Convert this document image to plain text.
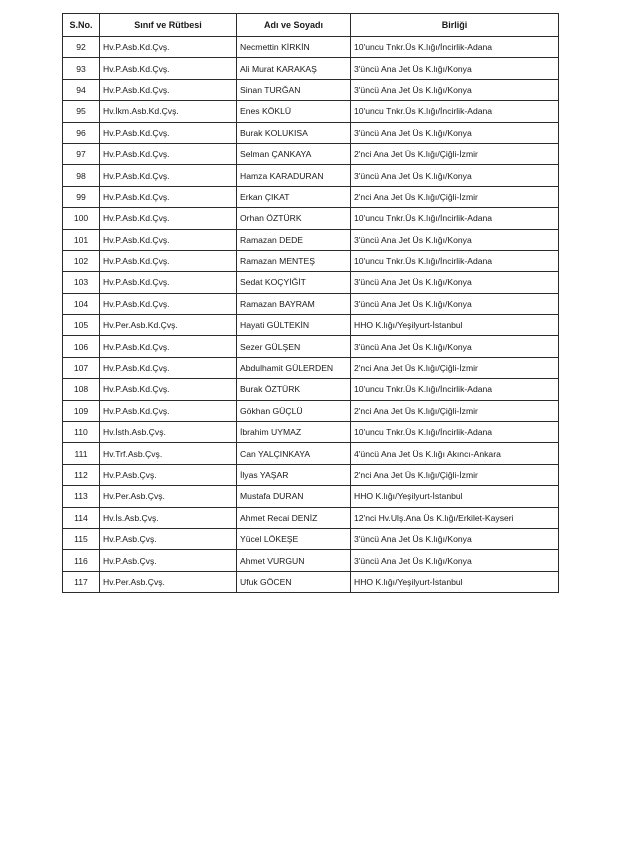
S.No.	Sınıf ve Rütbesi	Adı ve Soyadı	Birliği
92	Hv.P.Asb.Kd.Çvş.	Necmettin KİRKİN	10'uncu Tnkr.Üs K.lığı/İncirlik-Adana
93	Hv.P.Asb.Kd.Çvş.	Ali Murat KARAKAŞ	3'üncü Ana Jet Üs K.lığı/Konya
94	Hv.P.Asb.Kd.Çvş.	Sinan TURĞAN	3'üncü Ana Jet Üs K.lığı/Konya
95	Hv.İkm.Asb.Kd.Çvş.	Enes KÖKLÜ	10'uncu Tnkr.Üs K.lığı/İncirlik-Adana
96	Hv.P.Asb.Kd.Çvş.	Burak KOLUKISA	3'üncü Ana Jet Üs K.lığı/Konya
97	Hv.P.Asb.Kd.Çvş.	Selman ÇANKAYA	2'nci Ana Jet Üs K.lığı/Çiğli-İzmir
98	Hv.P.Asb.Kd.Çvş.	Hamza KARADURAN	3'üncü Ana Jet Üs K.lığı/Konya
99	Hv.P.Asb.Kd.Çvş.	Erkan ÇIKAT	2'nci Ana Jet Üs K.lığı/Çiğli-İzmir
100	Hv.P.Asb.Kd.Çvş.	Orhan ÖZTÜRK	10'uncu Tnkr.Üs K.lığı/İncirlik-Adana
101	Hv.P.Asb.Kd.Çvş.	Ramazan DEDE	3'üncü Ana Jet Üs K.lığı/Konya
102	Hv.P.Asb.Kd.Çvş.	Ramazan MENTEŞ	10'uncu Tnkr.Üs K.lığı/İncirlik-Adana
103	Hv.P.Asb.Kd.Çvş.	Sedat KOÇYİĞİT	3'üncü Ana Jet Üs K.lığı/Konya
104	Hv.P.Asb.Kd.Çvş.	Ramazan BAYRAM	3'üncü Ana Jet Üs K.lığı/Konya
105	Hv.Per.Asb.Kd.Çvş.	Hayati GÜLTEKİN	HHO K.lığı/Yeşilyurt-İstanbul
106	Hv.P.Asb.Kd.Çvş.	Sezer GÜLŞEN	3'üncü Ana Jet Üs K.lığı/Konya
107	Hv.P.Asb.Kd.Çvş.	Abdulhamit GÜLERDEN	2'nci Ana Jet Üs K.lığı/Çiğli-İzmir
108	Hv.P.Asb.Kd.Çvş.	Burak ÖZTÜRK	10'uncu Tnkr.Üs K.lığı/İncirlik-Adana
109	Hv.P.Asb.Kd.Çvş.	Gökhan GÜÇLÜ	2'nci Ana Jet Üs K.lığı/Çiğli-İzmir
110	Hv.İsth.Asb.Çvş.	İbrahim UYMAZ	10'uncu Tnkr.Üs K.lığı/İncirlik-Adana
111	Hv.Trf.Asb.Çvş.	Can YALÇINKAYA	4'üncü Ana Jet Üs K.lığı Akıncı-Ankara
112	Hv.P.Asb.Çvş.	İlyas YAŞAR	2'nci Ana Jet Üs K.lığı/Çiğli-İzmir
113	Hv.Per.Asb.Çvş.	Mustafa DURAN	HHO K.lığı/Yeşilyurt-İstanbul
114	Hv.İs.Asb.Çvş.	Ahmet Recai DENİZ	12'nci Hv.Ulş.Ana Üs K.lığı/Erkilet-Kayseri
115	Hv.P.Asb.Çvş.	Yücel LÖKEŞE	3'üncü Ana Jet Üs K.lığı/Konya
116	Hv.P.Asb.Çvş.	Ahmet VURGUN	3'üncü Ana Jet Üs K.lığı/Konya
117	Hv.Per.Asb.Çvş.	Ufuk GÖCEN	HHO K.lığı/Yeşilyurt-İstanbul
